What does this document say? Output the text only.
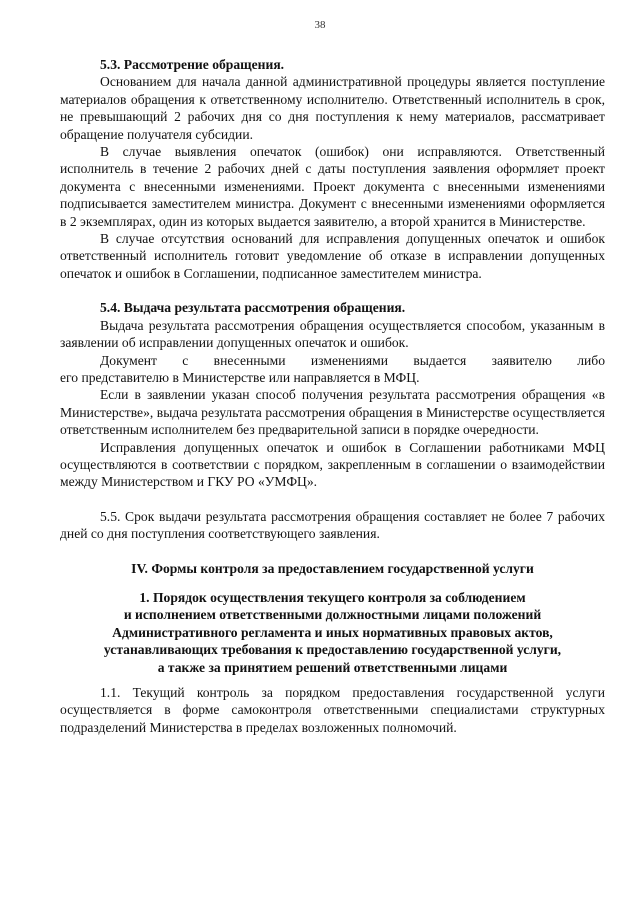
38

5.3. Рассмотрение обращения.

Основанием для начала данной административной процедуры является поступление материалов обращения к ответственному исполнителю. Ответственный исполнитель в срок, не превышающий 2 рабочих дня со дня поступления к нему материалов, рассматривает обращение получателя субсидии.

В случае выявления опечаток (ошибок) они исправляются. Ответственный исполнитель в течение 2 рабочих дней с даты поступления заявления оформляет проект документа с внесенными изменениями. Проект документа с внесенными изменениями подписывается заместителем министра. Документ с внесенными изменениями оформляется в 2 экземплярах, один из которых выдается заявителю, а второй хранится в Министерстве.

В случае отсутствия оснований для исправления допущенных опечаток и ошибок ответственный исполнитель готовит уведомление об отказе в исправлении допущенных опечаток и ошибок в Соглашении, подписанное заместителем министра.

5.4. Выдача результата рассмотрения обращения.

Выдача результата рассмотрения обращения осуществляется способом, указанным в заявлении об исправлении допущенных опечаток и ошибок.

Документ с внесенными изменениями выдается заявителю либо

его представителю в Министерстве или направляется в МФЦ.

Если в заявлении указан способ получения результата рассмотрения обращения «в Министерстве», выдача результата рассмотрения обращения в Министерстве осуществляется ответственным исполнителем без предварительной записи в порядке очередности.

Исправления допущенных опечаток и ошибок в Соглашении работниками МФЦ осуществляются в соответствии с порядком, закрепленным в соглашении о взаимодействии между Министерством и ГКУ РО «УМФЦ».

5.5. Срок выдачи результата рассмотрения обращения составляет не более 7 рабочих дней со дня поступления соответствующего заявления.

IV. Формы контроля за предоставлением государственной услуги

1. Порядок осуществления текущего контроля за соблюдением

и исполнением ответственными должностными лицами положений

Административного регламента и иных нормативных правовых актов,

устанавливающих требования к предоставлению государственной услуги,

а также за принятием решений ответственными лицами

1.1. Текущий контроль за порядком предоставления государственной услуги осуществляется в форме самоконтроля ответственными специалистами структурных подразделений Министерства в пределах возложенных полномочий.
